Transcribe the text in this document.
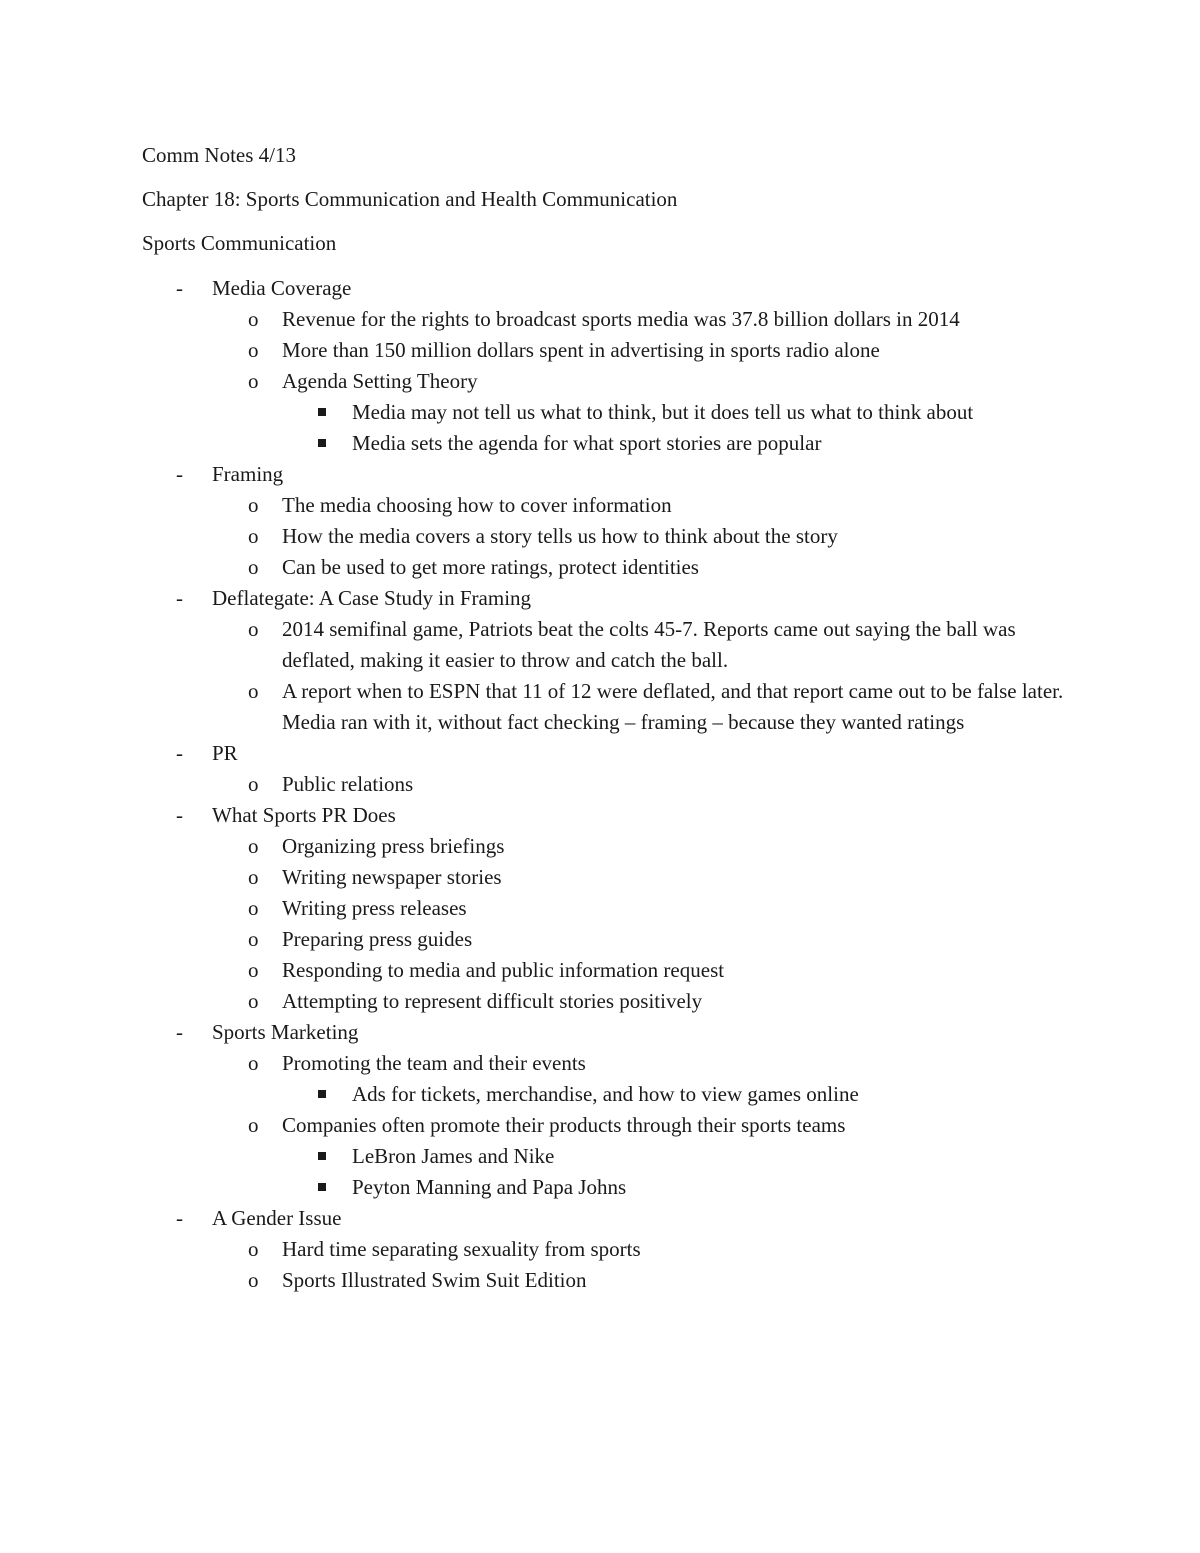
Comm Notes 4/13

Chapter 18: Sports Communication and Health Communication

Sports Communication

-	Media Coverage
o	Revenue for the rights to broadcast sports media was 37.8 billion dollars in 2014
o	More than 150 million dollars spent in advertising in sports radio alone
o	Agenda Setting Theory
Media may not tell us what to think, but it does tell us what to think about
Media sets the agenda for what sport stories are popular
-	Framing
o	The media choosing how to cover information
o	How the media covers a story tells us how to think about the story
o	Can be used to get more ratings, protect identities
-	Deflategate: A Case Study in Framing
o	2014 semifinal game, Patriots beat the colts 45-7. Reports came out saying the ball was deflated, making it easier to throw and catch the ball.
o	A report when to ESPN that 11 of 12 were deflated, and that report came out to be false later. Media ran with it, without fact checking – framing – because they wanted ratings
-	PR
o	Public relations
-	What Sports PR Does
o	Organizing press briefings
o	Writing newspaper stories
o	Writing press releases
o	Preparing press guides
o	Responding to media and public information request
o	Attempting to represent difficult stories positively
-	Sports Marketing
o	Promoting the team and their events
Ads for tickets, merchandise, and how to view games online
o	Companies often promote their products through their sports teams
LeBron James and Nike
Peyton Manning and Papa Johns
-	A Gender Issue
o	Hard time separating sexuality from sports
o	Sports Illustrated Swim Suit Edition
